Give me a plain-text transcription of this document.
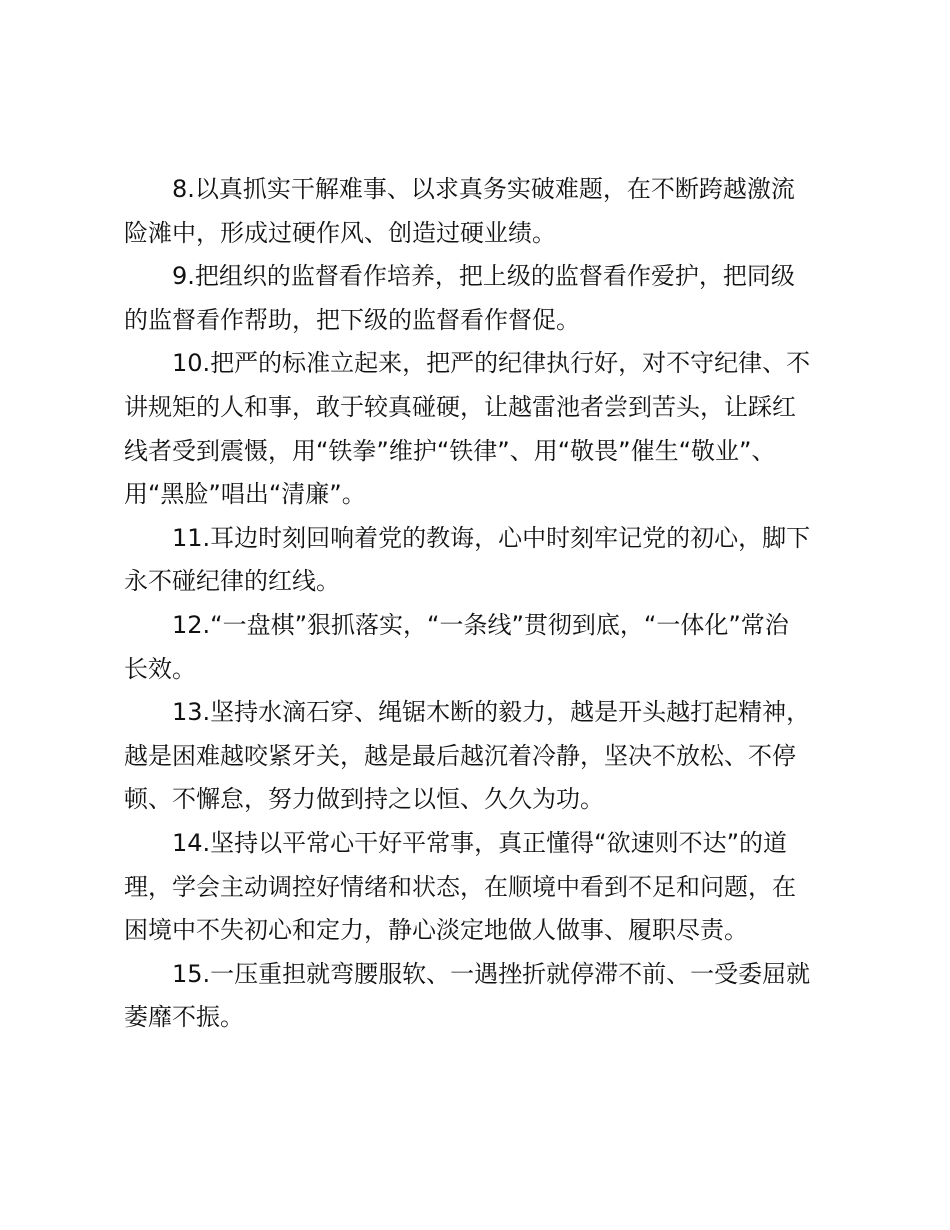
8.以真抓实干解难事、以求真务实破难题，在不断跨越激流
险滩中，形成过硬作风、创造过硬业绩。

9.把组织的监督看作培养，把上级的监督看作爱护，把同级
的监督看作帮助，把下级的监督看作督促。

10.把严的标准立起来，把严的纪律执行好，对不守纪律、不
讲规矩的人和事，敢于较真碰硬，让越雷池者尝到苦头，让踩红
线者受到震慑，用“铁拳”维护“铁律”、用“敬畏”催生“敬业”、
用“黑脸”唱出“清廉”。

11.耳边时刻回响着党的教诲，心中时刻牢记党的初心，脚下
永不碰纪律的红线。

12.“一盘棋”狠抓落实，“一条线”贯彻到底，“一体化”常治
长效。

13.坚持水滴石穿、绳锯木断的毅力，越是开头越打起精神，
越是困难越咬紧牙关，越是最后越沉着冷静，坚决不放松、不停
顿、不懈怠，努力做到持之以恒、久久为功。

14.坚持以平常心干好平常事，真正懂得“欲速则不达”的道
理，学会主动调控好情绪和状态，在顺境中看到不足和问题，在
困境中不失初心和定力，静心淡定地做人做事、履职尽责。

15.一压重担就弯腰服软、一遇挫折就停滞不前、一受委屈就
萎靡不振。
